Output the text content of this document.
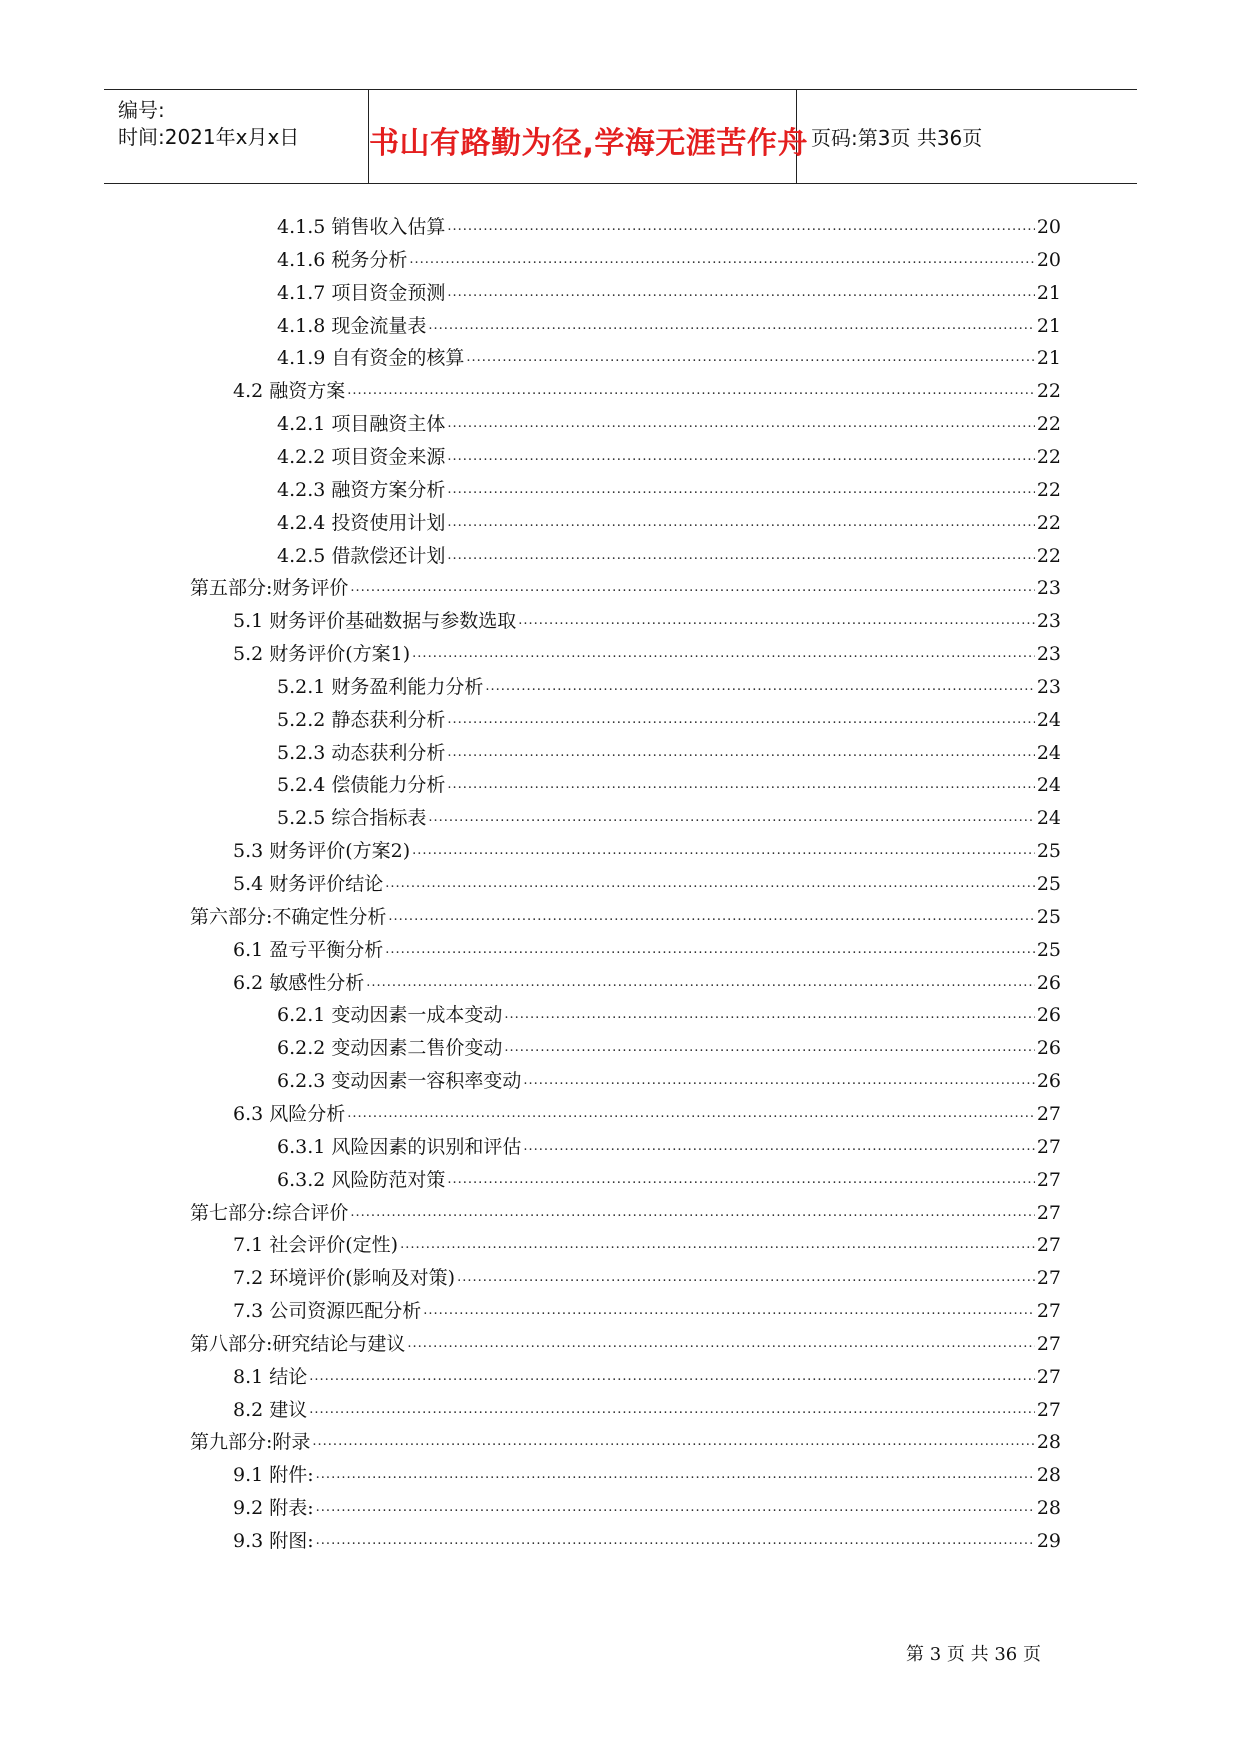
编号:
时间:2021年x月x日 书山有路勤为径,学海无涯苦作舟 页码:第3页 共36页
4.1.5 销售收入估算 .....	20
4.1.6 税务分析 .....	20
4.1.7 项目资金预测 .....	21
4.1.8 现金流量表 .....	21
4.1.9 自有资金的核算 .....	21
4.2 融资方案 .....	22
4.2.1 项目融资主体 .....	22
4.2.2 项目资金来源 .....	22
4.2.3 融资方案分析 .....	22
4.2.4 投资使用计划 .....	22
4.2.5 借款偿还计划 .....	22
第五部分:财务评价 .....	23
5.1 财务评价基础数据与参数选取 .....	23
5.2 财务评价(方案1) .....	23
5.2.1 财务盈利能力分析 .....	23
5.2.2 静态获利分析 .....	24
5.2.3 动态获利分析 .....	24
5.2.4 偿债能力分析 .....	24
5.2.5 综合指标表 .....	24
5.3 财务评价(方案2) .....	25
5.4 财务评价结论 .....	25
第六部分:不确定性分析 .....	25
6.1 盈亏平衡分析 .....	25
6.2 敏感性分析 .....	26
6.2.1 变动因素一成本变动 .....	26
6.2.2 变动因素二售价变动 .....	26
6.2.3 变动因素一容积率变动 .....	26
6.3 风险分析 .....	27
6.3.1 风险因素的识别和评估 .....	27
6.3.2 风险防范对策 .....	27
第七部分:综合评价 .....	27
7.1 社会评价(定性) .....	27
7.2 环境评价(影响及对策) .....	27
7.3 公司资源匹配分析 .....	27
第八部分:研究结论与建议 .....	27
8.1 结论 .....	27
8.2 建议 .....	27
第九部分:附录 .....	28
9.1 附件: .....	28
9.2 附表: .....	28
9.3 附图: .....	29
第 3 页 共 36 页
